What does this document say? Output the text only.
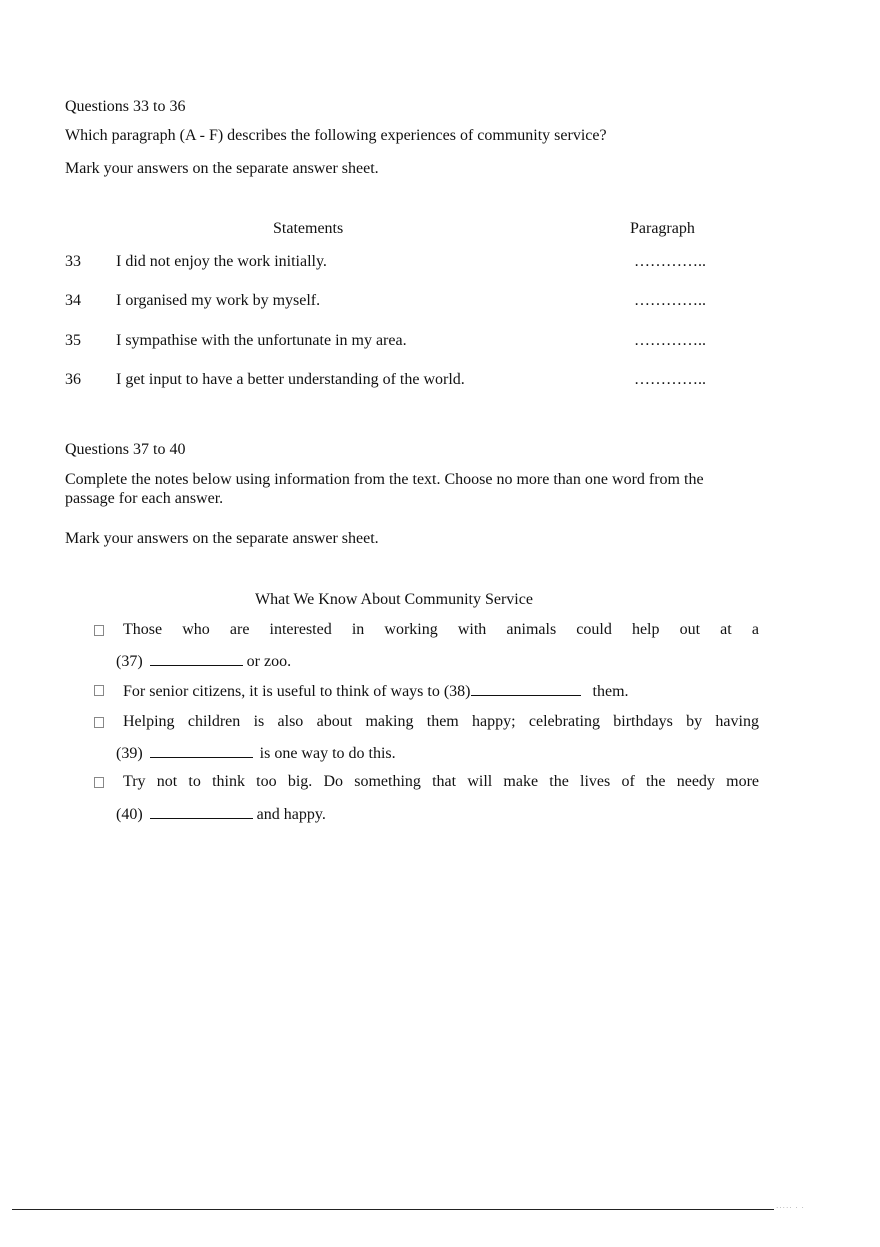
Questions 33 to 36
Which paragraph (A - F) describes the following experiences of community service?
Mark your answers on the separate answer sheet.
Statements	Paragraph
33 I did not enjoy the work initially.	…………..
34 I organised my work by myself.	…………..
35 I sympathise with the unfortunate in my area.	…………..
36 I get input to have a better understanding of the world.	…………..
Questions 37 to 40
Complete the notes below using information from the text. Choose no more than one word from the
passage for each answer.
Mark your answers on the separate answer sheet.
What We Know About Community Service
Those who are interested in working with animals could help out at a
(37)	or zoo.
For senior citizens, it is useful to think of ways to (38)	them.
Helping children is also about making them happy; celebrating birthdays by having
(39)	is one way to do this.
Try not to think too big. Do something that will make the lives of the needy more
(40)	and happy.
····· · ·
